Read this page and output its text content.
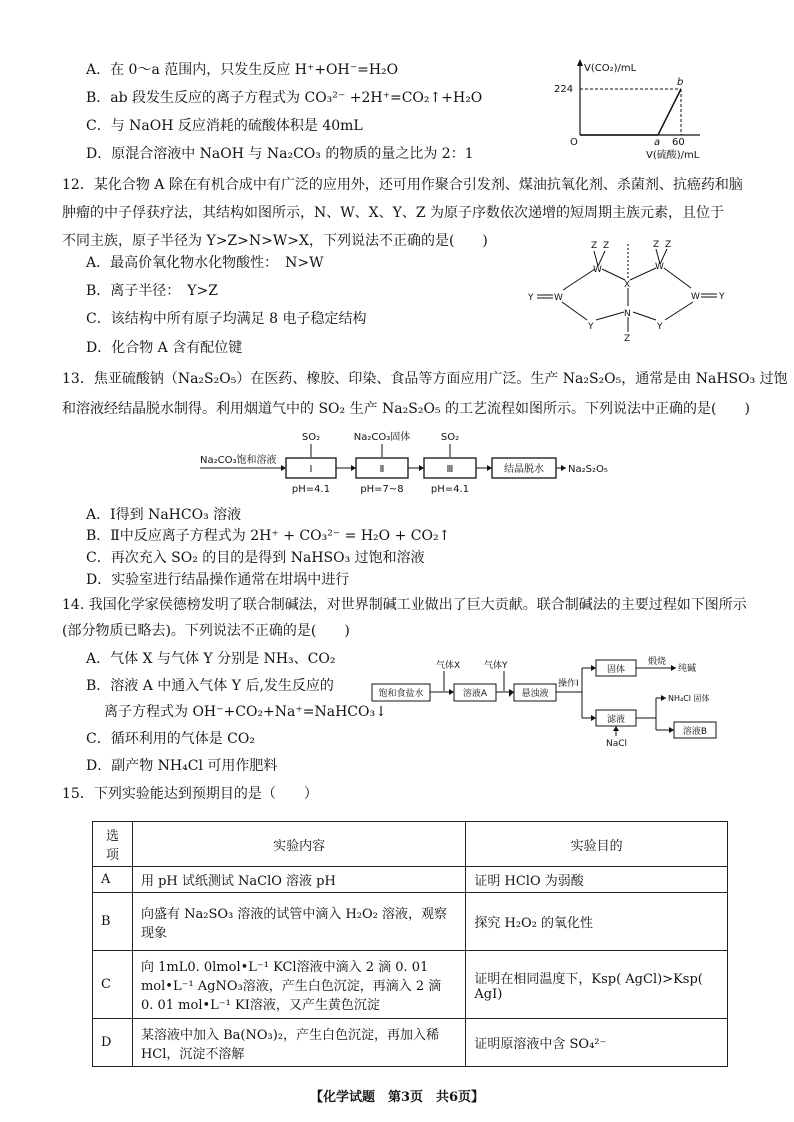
A．在 0～a 范围内，只发生反应 H⁺+OH⁻=H₂O
B．ab 段发生反应的离子方程式为 CO₃²⁻ +2H⁺=CO₂↑+H₂O
C．与 NaOH 反应消耗的硫酸体积是 40mL
D．原混合溶液中 NaOH 与 Na₂CO₃ 的物质的量之比为 2：1
V(CO₂)/mL
224
O	a
b
60
V(硫酸)/mL
12．某化合物 A 除在有机合成中有广泛的应用外，还可用作聚合引发剂、煤油抗氧化剂、杀菌剂、抗癌药和脑
肿瘤的中子俘获疗法，其结构如图所示，N、W、X、Y、Z 为原子序数依次递增的短周期主族元素，且位于
不同主族，原子半径为 Y>Z>N>W>X，下列说法不正确的是(　　)
A．最高价氧化物水化物酸性：　N>W
B．离子半径：　Y>Z
C．该结构中所有原子均满足 8 电子稳定结构
D．化合物 A 含有配位键
Z Z	Z Z
W	W
X
W	W
Y	Y
N
Y	Y
Z
13．焦亚硫酸钠（Na₂S₂O₅）在医药、橡胶、印染、食品等方面应用广泛。生产 Na₂S₂O₅，通常是由 NaHSO₃ 过饱
和溶液经结晶脱水制得。利用烟道气中的 SO₂ 生产 Na₂S₂O₅ 的工艺流程如图所示。下列说法中正确的是(　　)
Na₂CO₃饱和溶液
Ⅰ
SO₂
pH=4.1
Ⅱ
Na₂CO₃固体
pH=7~8
Ⅲ
SO₂
pH=4.1
结晶脱水 Na₂S₂O₅
A．Ⅰ得到 NaHCO₃ 溶液
B．Ⅱ中反应离子方程式为 2H⁺ + CO₃²⁻ = H₂O + CO₂↑
C．再次充入 SO₂ 的目的是得到 NaHSO₃ 过饱和溶液
D．实验室进行结晶操作通常在坩埚中进行
14. 我国化学家侯德榜发明了联合制碱法，对世界制碱工业做出了巨大贡献。联合制碱法的主要过程如下图所示
(部分物质已略去)。下列说法不正确的是(　　)
A．气体 X 与气体 Y 分别是 NH₃、CO₂
B．溶液 A 中通入气体 Y 后,发生反应的
离子方程式为 OH⁻+CO₂+Na⁺=NaHCO₃↓
C．循环利用的气体是 CO₂
D．副产物 NH₄Cl 可用作肥料
饱和食盐水
气体X
溶液A
气体Y
悬浊液
操作Ⅰ
固体
煅烧
纯碱
滤液
NaCl
NH₄Cl 固体
溶液B
15．下列实验能达到预期目的是（　　）
选项	实验内容	实验目的
A	用 pH 试纸测试 NaClO 溶液 pH	证明 HClO 为弱酸
B	向盛有 Na₂SO₃ 溶液的试管中滴入 H₂O₂ 溶液，观察现象	探究 H₂O₂ 的氧化性
C	向 1mL0. 0lmol•L⁻¹ KCl溶液中滴入 2 滴 0. 01 mol•L⁻¹ AgNO₃溶液，产生白色沉淀，再滴入 2 滴 0. 01 mol•L⁻¹ KI溶液，又产生黄色沉淀	证明在相同温度下，Ksp( AgCl)>Ksp( AgI)
D	某溶液中加入 Ba(NO₃)₂，产生白色沉淀，再加入稀 HCl，沉淀不溶解	证明原溶液中含 SO₄²⁻
【化学试题　第3页　共6页】
